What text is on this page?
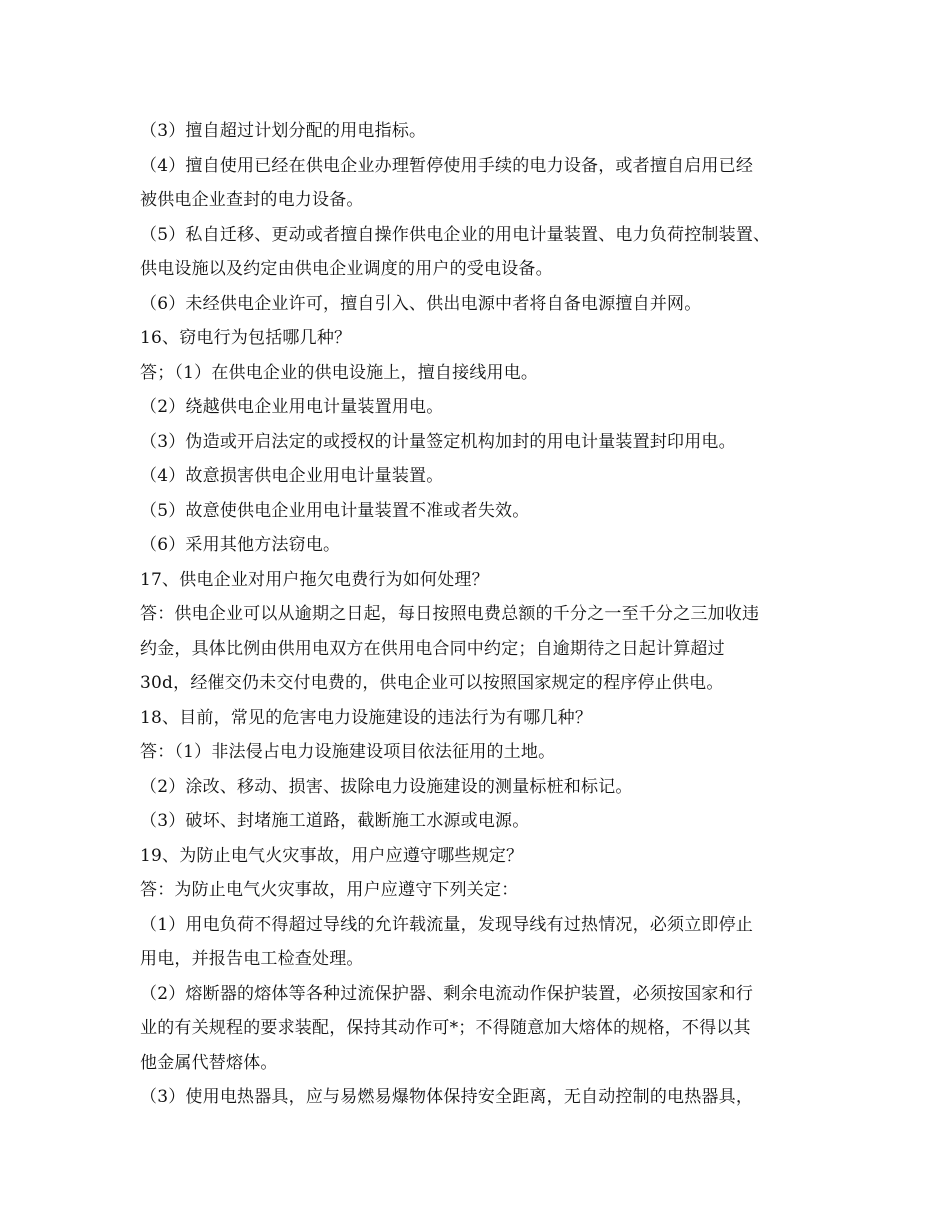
（3）擅自超过计划分配的用电指标。
（4）擅自使用已经在供电企业办理暂停使用手续的电力设备，或者擅自启用已经
被供电企业查封的电力设备。
（5）私自迁移、更动或者擅自操作供电企业的用电计量装置、电力负荷控制装置、
供电设施以及约定由供电企业调度的用户的受电设备。
（6）未经供电企业许可，擅自引入、供出电源中者将自备电源擅自并网。
16、窃电行为包括哪几种？
答；（1）在供电企业的供电设施上，擅自接线用电。
（2）绕越供电企业用电计量装置用电。
（3）伪造或开启法定的或授权的计量签定机构加封的用电计量装置封印用电。
（4）故意损害供电企业用电计量装置。
（5）故意使供电企业用电计量装置不准或者失效。
（6）采用其他方法窃电。
17、供电企业对用户拖欠电费行为如何处理？
答：供电企业可以从逾期之日起，每日按照电费总额的千分之一至千分之三加收违
约金，具体比例由供用电双方在供用电合同中约定；自逾期待之日起计算超过
30d，经催交仍未交付电费的，供电企业可以按照国家规定的程序停止供电。
18、目前，常见的危害电力设施建设的违法行为有哪几种？
答：（1）非法侵占电力设施建设项目依法征用的土地。
（2）涂改、移动、损害、拔除电力设施建设的测量标桩和标记。
（3）破坏、封堵施工道路，截断施工水源或电源。
19、为防止电气火灾事故，用户应遵守哪些规定？
答：为防止电气火灾事故，用户应遵守下列关定：
（1）用电负荷不得超过导线的允许载流量，发现导线有过热情况，必须立即停止
用电，并报告电工检查处理。
（2）熔断器的熔体等各种过流保护器、剩余电流动作保护装置，必须按国家和行
业的有关规程的要求装配，保持其动作可*；不得随意加大熔体的规格，不得以其
他金属代替熔体。
（3）使用电热器具，应与易燃易爆物体保持安全距离，无自动控制的电热器具，
